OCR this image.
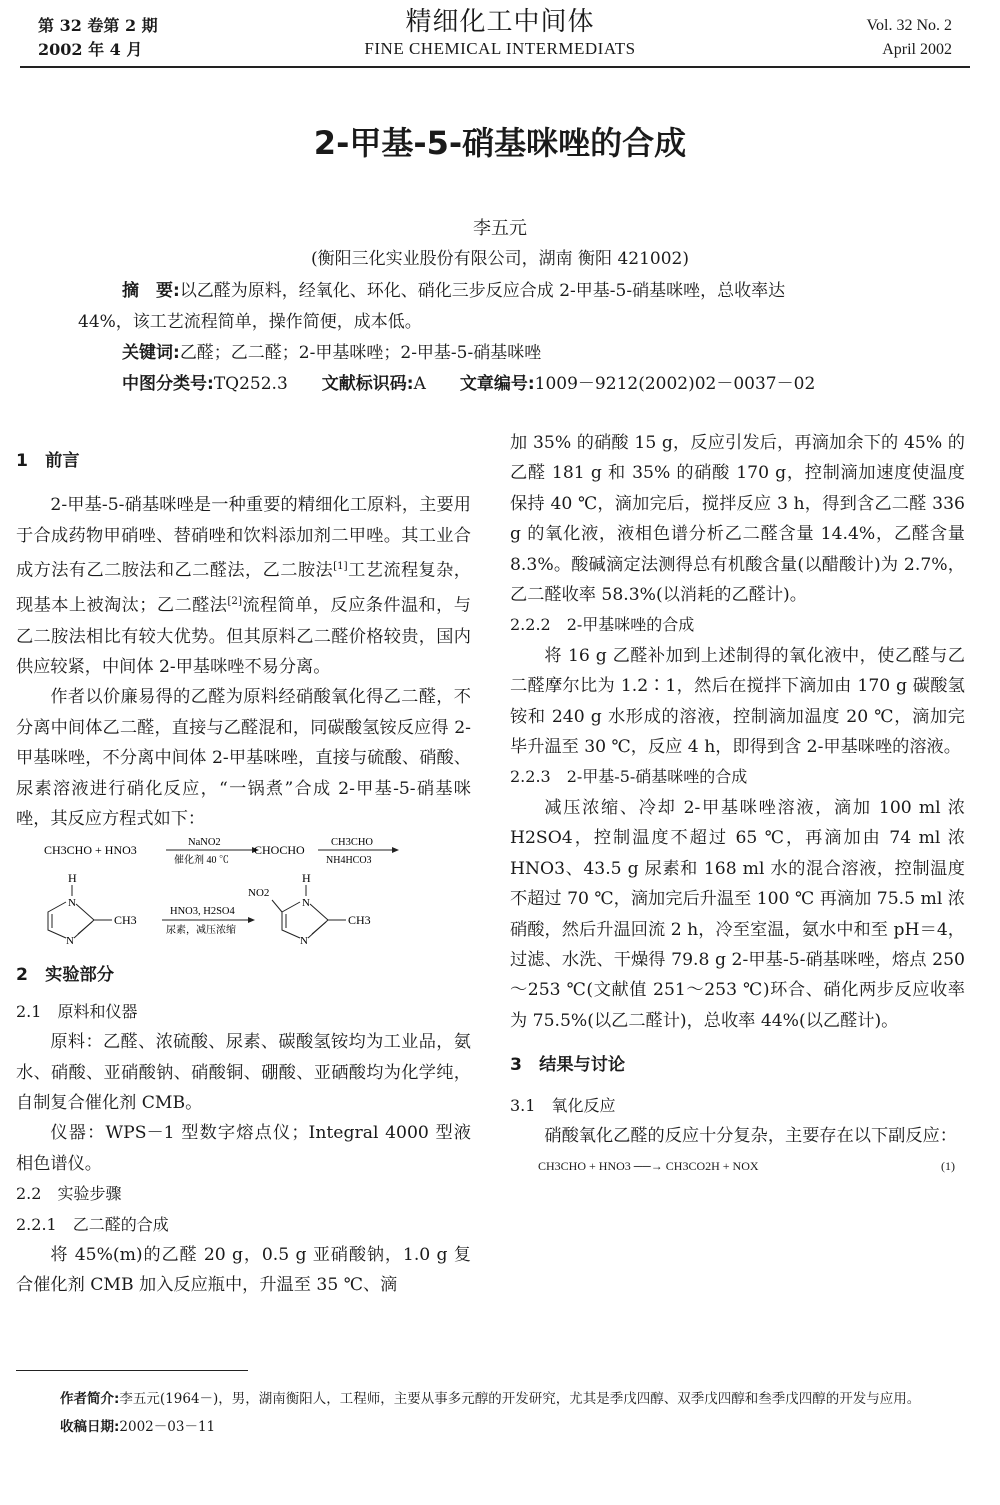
第 32 卷第 2 期
2002 年 4 月
精细化工中间体
FINE CHEMICAL INTERMEDIATS
Vol. 32 No. 2
April 2002
2-甲基-5-硝基咪唑的合成
李五元
(衡阳三化实业股份有限公司，湖南 衡阳 421002)

摘　要:以乙醛为原料，经氧化、环化、硝化三步反应合成 2-甲基-5-硝基咪唑，总收率达

44%，该工艺流程简单，操作简便，成本低。

关键词:乙醛；乙二醛；2-甲基咪唑；2-甲基-5-硝基咪唑

中图分类号:TQ252.3　　 文献标识码:A　　 文章编号:1009－9212(2002)02－0037－02

1　前言

2-甲基-5-硝基咪唑是一种重要的精细化工原料，主要用于合成药物甲硝唑、替硝唑和饮料添加剂二甲唑。其工业合成方法有乙二胺法和乙二醛法，乙二胺法[1]工艺流程复杂，现基本上被淘汰；乙二醛法[2]流程简单，反应条件温和，与乙二胺法相比有较大优势。但其原料乙二醛价格较贵，国内供应较紧，中间体 2-甲基咪唑不易分离。

作者以价廉易得的乙醛为原料经硝酸氧化得乙二醛，不分离中间体乙二醛，直接与乙醛混和，同碳酸氢铵反应得 2-甲基咪唑，不分离中间体 2-甲基咪唑，直接与硫酸、硝酸、尿素溶液进行硝化反应，“一锅煮”合成 2-甲基-5-硝基咪唑，其反应方程式如下：

CH3CHO + HNO3
NaNO2
催化剂 40 ℃
CHOCHO
CH3CHO
NH4HCO3
H
N
N
CH3
HNO3, H2SO4
尿素，减压浓缩
NO2
H
N
N
CH3

2　实验部分

2.1　原料和仪器

原料：乙醛、浓硫酸、尿素、碳酸氢铵均为工业品，氨水、硝酸、亚硝酸钠、硝酸铜、硼酸、亚硒酸均为化学纯，自制复合催化剂 CMB。

仪器：WPS－1 型数字熔点仪；Integral 4000 型液相色谱仪。

2.2　实验步骤

2.2.1　乙二醛的合成

将 45%(m)的乙醛 20 g，0.5 g 亚硝酸钠，1.0 g 复合催化剂 CMB 加入反应瓶中，升温至 35 ℃、滴

加 35% 的硝酸 15 g，反应引发后，再滴加余下的 45% 的乙醛 181 g 和 35% 的硝酸 170 g，控制滴加速度使温度保持 40 ℃，滴加完后，搅拌反应 3 h，得到含乙二醛 336 g 的氧化液，液相色谱分析乙二醛含量 14.4%，乙醛含量 8.3%。酸碱滴定法测得总有机酸含量(以醋酸计)为 2.7%，乙二醛收率 58.3%(以消耗的乙醛计)。

2.2.2　2-甲基咪唑的合成

将 16 g 乙醛补加到上述制得的氧化液中，使乙醛与乙二醛摩尔比为 1.2∶1，然后在搅拌下滴加由 170 g 碳酸氢铵和 240 g 水形成的溶液，控制滴加温度 20 ℃，滴加完毕升温至 30 ℃，反应 4 h，即得到含 2-甲基咪唑的溶液。

2.2.3　2-甲基-5-硝基咪唑的合成

减压浓缩、冷却 2-甲基咪唑溶液，滴加 100 ml 浓 H2SO4，控制温度不超过 65 ℃，再滴加由 74 ml 浓 HNO3、43.5 g 尿素和 168 ml 水的混合溶液，控制温度不超过 70 ℃，滴加完后升温至 100 ℃ 再滴加 75.5 ml 浓硝酸，然后升温回流 2 h，冷至室温，氨水中和至 pH＝4，过滤、水洗、干燥得 79.8 g 2-甲基-5-硝基咪唑，熔点 250～253 ℃(文献值 251～253 ℃)环合、硝化两步反应收率为 75.5%(以乙二醛计)，总收率 44%(以乙醛计)。

3　结果与讨论

3.1　氧化反应

硝酸氧化乙醛的反应十分复杂，主要存在以下副反应：

CH3CHO + HNO3 ──→ CH3CO2H + NOX	(1)

作者简介:李五元(1964－)，男，湖南衡阳人，工程师，主要从事多元醇的开发研究，尤其是季戊四醇、双季戊四醇和叁季戊四醇的开发与应用。

收稿日期:2002－03－11
